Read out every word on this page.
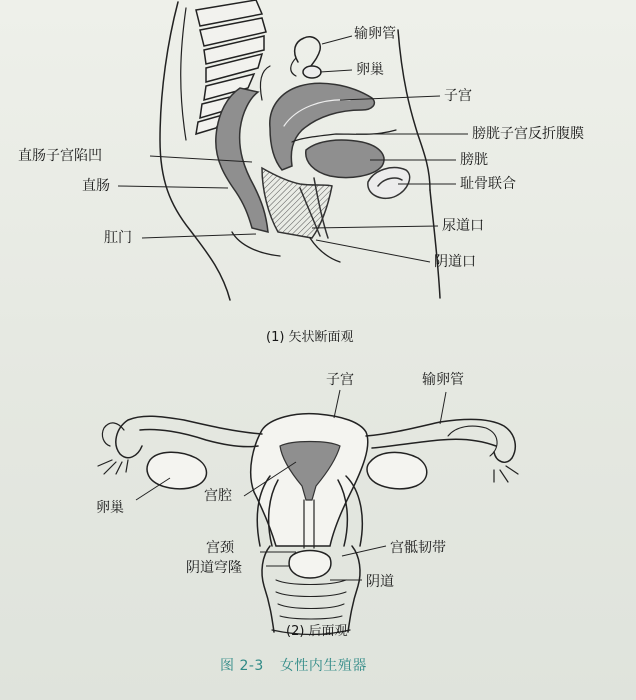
输卵管
卵巢
子宫
膀胱子宫反折腹膜
直肠子宫陷凹	膀胱
直肠	耻骨联合
肛门
尿道口
阴道口
(1) 矢状断面观
子宫	输卵管
卵巢
宫腔
宫颈	宫骶韧带
阴道穹隆
阴道
(2) 后面观
图 2-3 女性内生殖器
